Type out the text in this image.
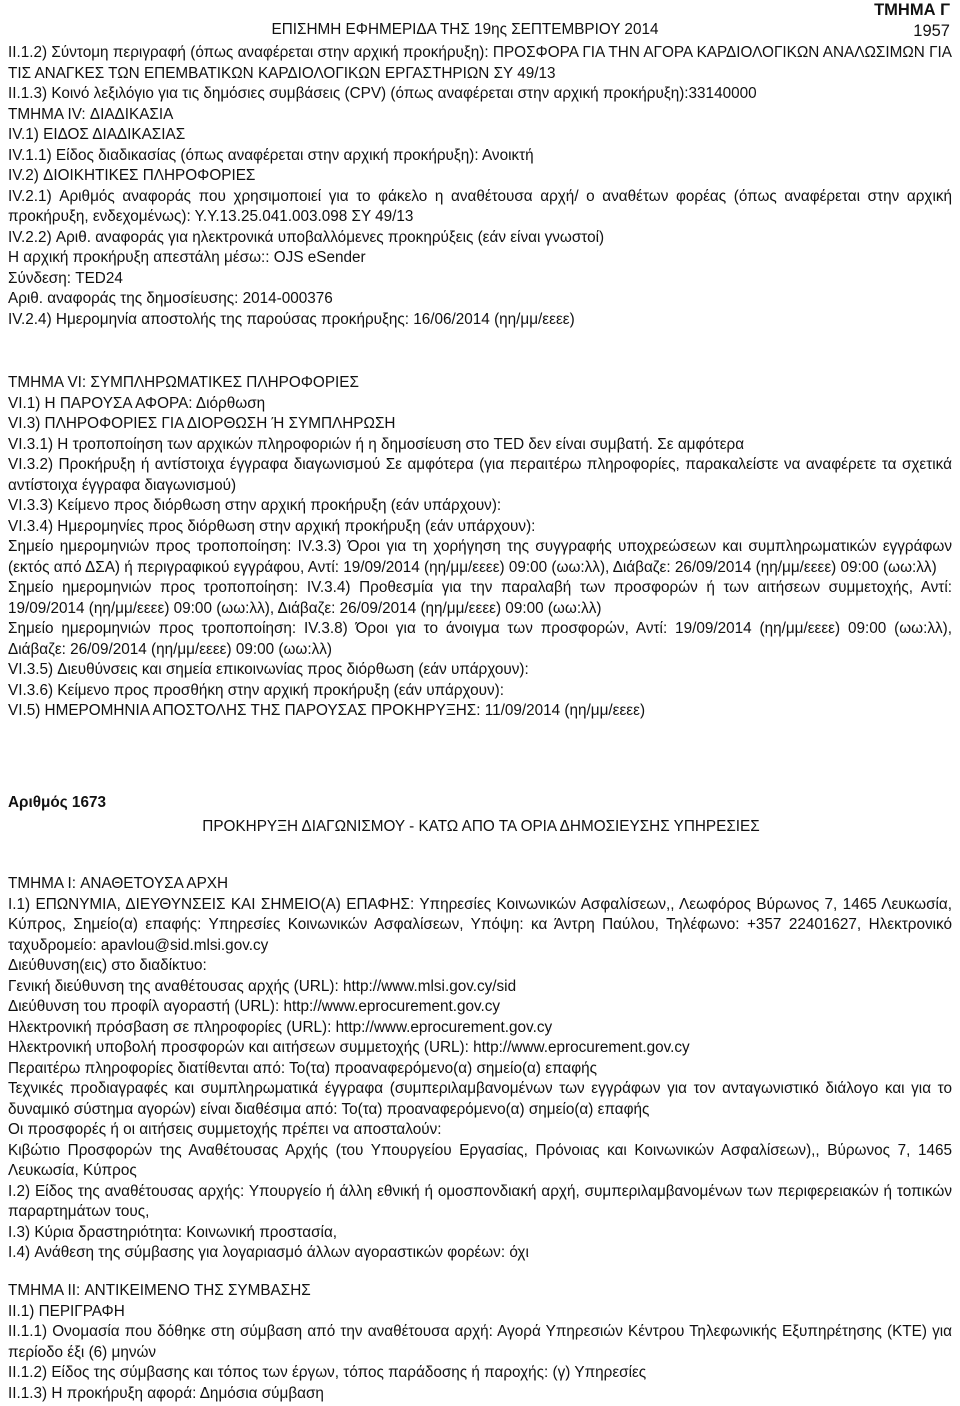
ΕΠΙΣΗΜΗ ΕΦΗΜΕΡΙΔΑ ΤΗΣ 19ης ΣΕΠΤΕΜΒΡΙΟΥ 2014
ΤΜΗΜΑ Γ
1957

II.1.2) Σύντομη περιγραφή (όπως αναφέρεται στην αρχική προκήρυξη): ΠΡΟΣΦΟΡΑ ΓΙΑ ΤΗΝ ΑΓΟΡΑ ΚΑΡΔΙΟΛΟΓΙΚΩΝ ΑΝΑΛΩΣΙΜΩΝ ΓΙΑ ΤΙΣ ΑΝΑΓΚΕΣ ΤΩΝ ΕΠΕΜΒΑΤΙΚΩΝ ΚΑΡΔΙΟΛΟΓΙΚΩΝ ΕΡΓΑΣΤΗΡΙΩΝ ΣΥ 49/13

II.1.3) Κοινό λεξιλόγιο για τις δημόσιες συμβάσεις (CPV) (όπως αναφέρεται στην αρχική προκήρυξη):33140000

ΤΜΗΜΑ IV: ΔΙΑΔΙΚΑΣΙΑ

IV.1) ΕΙΔΟΣ ΔΙΑΔΙΚΑΣΙΑΣ

IV.1.1) Είδος διαδικασίας (όπως αναφέρεται στην αρχική προκήρυξη): Ανοικτή

IV.2) ΔΙΟΙΚΗΤΙΚΕΣ ΠΛΗΡΟΦΟΡΙΕΣ

IV.2.1) Αριθμός αναφοράς που χρησιμοποιεί για το φάκελο η αναθέτουσα αρχή/ ο αναθέτων φορέας (όπως αναφέρεται στην αρχική προκήρυξη, ενδεχομένως): Υ.Υ.13.25.041.003.098 ΣΥ 49/13

IV.2.2) Αριθ. αναφοράς για ηλεκτρονικά υποβαλλόμενες προκηρύξεις (εάν είναι γνωστοί)

Η αρχική προκήρυξη απεστάλη μέσω:: OJS eSender

Σύνδεση: TED24

Αριθ. αναφοράς της δημοσίευσης: 2014-000376

IV.2.4) Ημερομηνία αποστολής της παρούσας προκήρυξης: 16/06/2014 (ηη/μμ/εεεε)

ΤΜΗΜΑ VI: ΣΥΜΠΛΗΡΩΜΑΤΙΚΕΣ ΠΛΗΡΟΦΟΡΙΕΣ

VI.1) Η ΠΑΡΟΥΣΑ ΑΦΟΡΑ: Διόρθωση

VI.3) ΠΛΗΡΟΦΟΡΙΕΣ ΓΙΑ ΔΙΟΡΘΩΣΗ Ή ΣΥΜΠΛΗΡΩΣΗ

VI.3.1) Η τροποποίηση των αρχικών πληροφοριών ή η δημοσίευση στο TED δεν είναι συμβατή. Σε αμφότερα

VI.3.2) Προκήρυξη ή αντίστοιχα έγγραφα διαγωνισμού Σε αμφότερα (για περαιτέρω πληροφορίες, παρακαλείστε να αναφέρετε τα σχετικά αντίστοιχα έγγραφα διαγωνισμού)

VI.3.3) Κείμενο προς διόρθωση στην αρχική προκήρυξη (εάν υπάρχουν):

VI.3.4) Ημερομηνίες προς διόρθωση στην αρχική προκήρυξη (εάν υπάρχουν):

Σημείο ημερομηνιών προς τροποποίηση: IV.3.3) Όροι για τη χορήγηση της συγγραφής υποχρεώσεων και συμπληρωματικών εγγράφων (εκτός από ΔΣΑ) ή περιγραφικού εγγράφου, Αντί: 19/09/2014 (ηη/μμ/εεεε) 09:00 (ωω:λλ), Διάβαζε: 26/09/2014 (ηη/μμ/εεεε) 09:00 (ωω:λλ)

Σημείο ημερομηνιών προς τροποποίηση: IV.3.4) Προθεσμία για την παραλαβή των προσφορών ή των αιτήσεων συμμετοχής, Αντί: 19/09/2014 (ηη/μμ/εεεε) 09:00 (ωω:λλ), Διάβαζε: 26/09/2014 (ηη/μμ/εεεε) 09:00 (ωω:λλ)

Σημείο ημερομηνιών προς τροποποίηση: IV.3.8) Όροι για το άνοιγμα των προσφορών, Αντί: 19/09/2014 (ηη/μμ/εεεε) 09:00 (ωω:λλ), Διάβαζε: 26/09/2014 (ηη/μμ/εεεε) 09:00 (ωω:λλ)

VI.3.5) Διευθύνσεις και σημεία επικοινωνίας προς διόρθωση (εάν υπάρχουν):

VI.3.6) Κείμενο προς προσθήκη στην αρχική προκήρυξη (εάν υπάρχουν):

VI.5) ΗΜΕΡΟΜΗΝΙΑ ΑΠΟΣΤΟΛΗΣ ΤΗΣ ΠΑΡΟΥΣΑΣ ΠΡΟΚΗΡΥΞΗΣ: 11/09/2014 (ηη/μμ/εεεε)

Αριθμός 1673
ΠΡΟΚΗΡΥΞΗ ΔΙΑΓΩΝΙΣΜΟΥ - ΚΑΤΩ ΑΠΟ ΤΑ ΟΡΙΑ ΔΗΜΟΣΙΕΥΣΗΣ ΥΠΗΡΕΣΙΕΣ

ΤΜΗΜΑ I: ΑΝΑΘΕΤΟΥΣΑ ΑΡΧΗ

I.1) ΕΠΩΝΥΜΙΑ, ΔΙΕΥΘΥΝΣΕΙΣ ΚΑΙ ΣΗΜΕΙΟ(Α) ΕΠΑΦΗΣ: Υπηρεσίες Κοινωνικών Ασφαλίσεων,, Λεωφόρος Βύρωνος 7, 1465 Λευκωσία, Κύπρος, Σημείο(α) επαφής: Υπηρεσίες Κοινωνικών Ασφαλίσεων, Υπόψη: κα Άντρη Παύλου, Τηλέφωνο: +357 22401627, Ηλεκτρονικό ταχυδρομείο: apavlou@sid.mlsi.gov.cy

Διεύθυνση(εις) στο διαδίκτυο:

Γενική διεύθυνση της αναθέτουσας αρχής (URL): http://www.mlsi.gov.cy/sid

Διεύθυνση του προφίλ αγοραστή (URL): http://www.eprocurement.gov.cy

Ηλεκτρονική πρόσβαση σε πληροφορίες (URL): http://www.eprocurement.gov.cy

Ηλεκτρονική υποβολή προσφορών και αιτήσεων συμμετοχής (URL): http://www.eprocurement.gov.cy

Περαιτέρω πληροφορίες διατίθενται από: Το(τα) προαναφερόμενο(α) σημείο(α) επαφής

Τεχνικές προδιαγραφές και συμπληρωματικά έγγραφα (συμπεριλαμβανομένων των εγγράφων για τον ανταγωνιστικό διάλογο και για το δυναμικό σύστημα αγορών) είναι διαθέσιμα από: Το(τα) προαναφερόμενο(α) σημείο(α) επαφής

Οι προσφορές ή οι αιτήσεις συμμετοχής πρέπει να αποσταλούν:

Κιβώτιο Προσφορών της Αναθέτουσας Αρχής (του Υπουργείου Εργασίας, Πρόνοιας και Κοινωνικών Ασφαλίσεων),, Βύρωνος 7, 1465 Λευκωσία, Κύπρος

I.2) Είδος της αναθέτουσας αρχής: Υπουργείο ή άλλη εθνική ή ομοσπονδιακή αρχή, συμπεριλαμβανομένων των περιφερειακών ή τοπικών παραρτημάτων τους,

I.3) Κύρια δραστηριότητα: Κοινωνική προστασία,

I.4) Ανάθεση της σύμβασης για λογαριασμό άλλων αγοραστικών φορέων: όχι

ΤΜΗΜΑ II: ΑΝΤΙΚΕΙΜΕΝΟ ΤΗΣ ΣΥΜΒΑΣΗΣ

II.1) ΠΕΡΙΓΡΑΦΗ

II.1.1) Ονομασία που δόθηκε στη σύμβαση από την αναθέτουσα αρχή: Αγορά Υπηρεσιών Κέντρου Τηλεφωνικής Εξυπηρέτησης (ΚΤΕ) για περίοδο έξι (6) μηνών

II.1.2) Είδος της σύμβασης και τόπος των έργων, τόπος παράδοσης ή παροχής: (γ) Υπηρεσίες

II.1.3) Η προκήρυξη αφορά: Δημόσια σύμβαση
